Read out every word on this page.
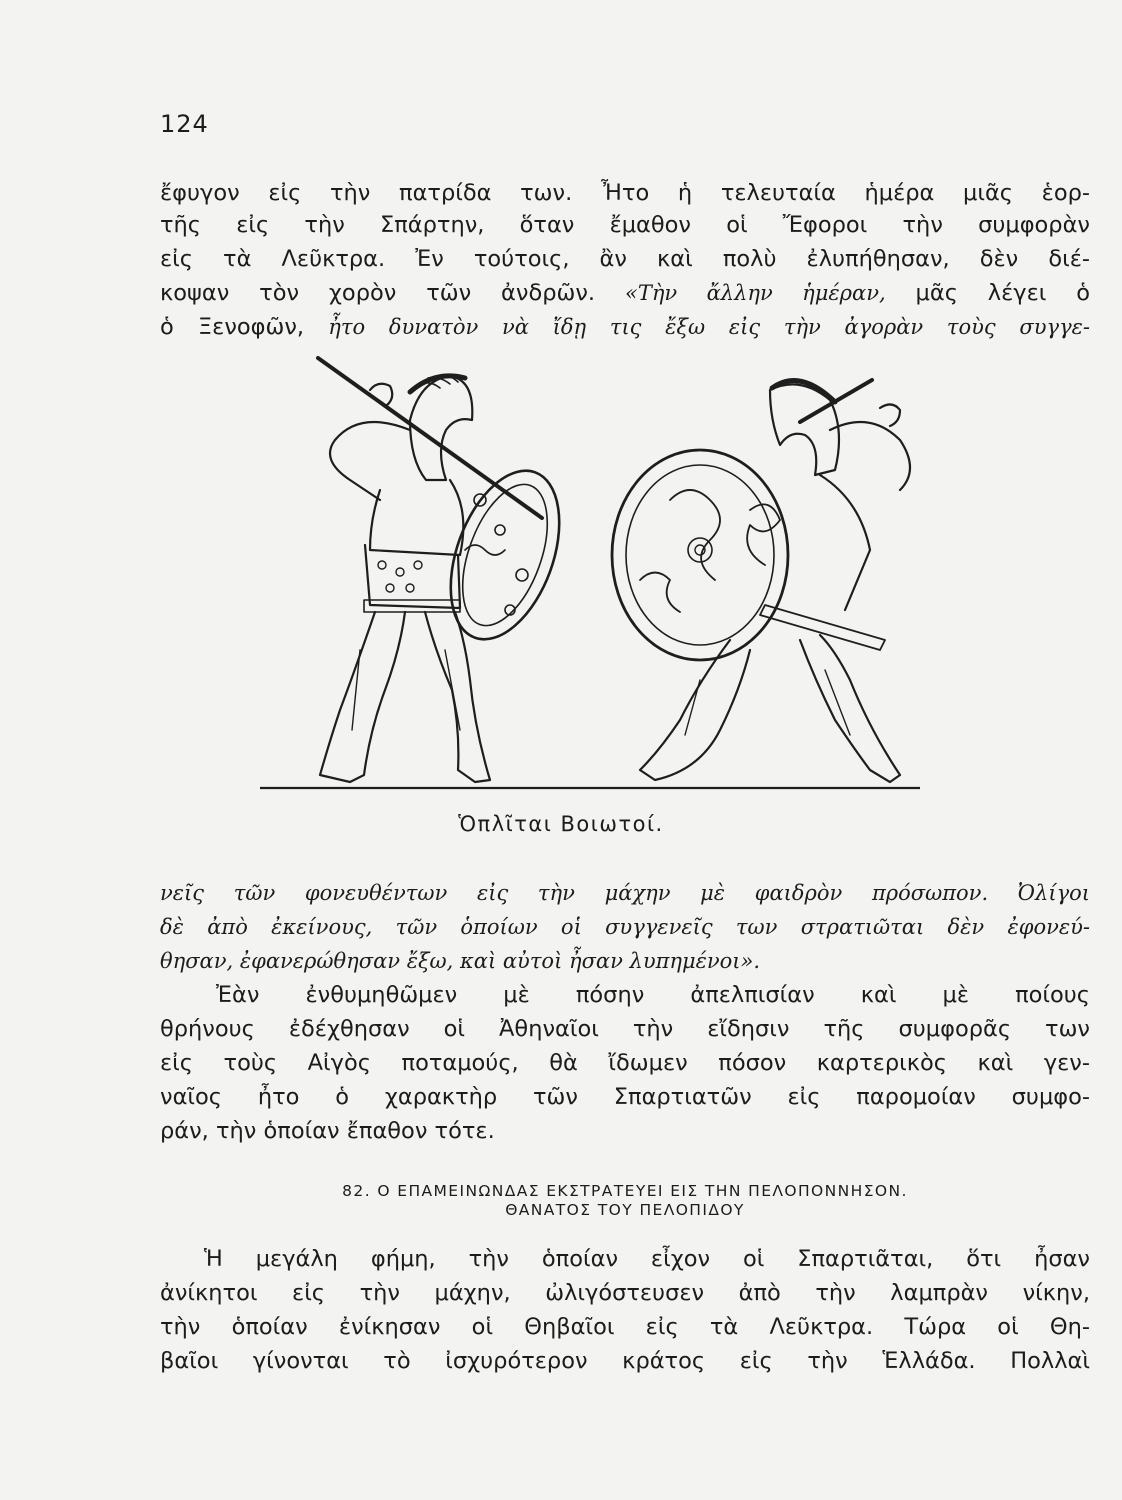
124
ἔφυγον εἰς τὴν πατρίδα των. Ἦτο ἡ τελευταία ἡμέρα μιᾶς ἑορ-
τῆς εἰς τὴν Σπάρτην, ὅταν ἔμαθον οἱ Ἔφοροι τὴν συμφορὰν
εἰς τὰ Λεῦκτρα. Ἐν τούτοις, ἂν καὶ πολὺ ἐλυπήθησαν, δὲν διέ-
κοψαν τὸν χορὸν τῶν ἀνδρῶν. «Τὴν ἄλλην ἡμέραν, μᾶς λέγει ὁ
ὁ Ξενοφῶν, ἦτο δυνατὸν νὰ ἴδῃ τις ἔξω εἰς τὴν ἀγορὰν τοὺς συγγε-
Ὁπλῖται Βοιωτοί.
νεῖς τῶν φονευθέντων εἰς τὴν μάχην μὲ φαιδρὸν πρόσωπον. Ὀλίγοι
δὲ ἀπὸ ἐκείνους, τῶν ὁποίων οἱ συγγενεῖς των στρατιῶται δὲν ἐφονεύ-
θησαν, ἐφανερώθησαν ἔξω, καὶ αὐτοὶ ἦσαν λυπημένοι».
Ἐὰν ἐνθυμηθῶμεν μὲ πόσην ἀπελπισίαν καὶ μὲ ποίους
θρήνους ἐδέχθησαν οἱ Ἀθηναῖοι τὴν εἴδησιν τῆς συμφορᾶς των
εἰς τοὺς Αἰγὸς ποταμούς, θὰ ἴδωμεν πόσον καρτερικὸς καὶ γεν-
ναῖος ἦτο ὁ χαρακτὴρ τῶν Σπαρτιατῶν εἰς παρομοίαν συμφο-
ράν, τὴν ὁποίαν ἔπαθον τότε.
82. Ο ΕΠΑΜΕΙΝΩΝΔΑΣ ΕΚΣΤΡΑΤΕΥΕΙ ΕΙΣ ΤΗΝ ΠΕΛΟΠΟΝΝΗΣΟΝ.
ΘΑΝΑΤΟΣ ΤΟΥ ΠΕΛΟΠΙΔΟΥ
Ἡ μεγάλη φήμη, τὴν ὁποίαν εἶχον οἱ Σπαρτιᾶται, ὅτι ἦσαν
ἀνίκητοι εἰς τὴν μάχην, ὠλιγόστευσεν ἀπὸ τὴν λαμπρὰν νίκην,
τὴν ὁποίαν ἐνίκησαν οἱ Θηβαῖοι εἰς τὰ Λεῦκτρα. Τώρα οἱ Θη-
βαῖοι γίνονται τὸ ἰσχυρότερον κράτος εἰς τὴν Ἑλλάδα. Πολλαὶ
